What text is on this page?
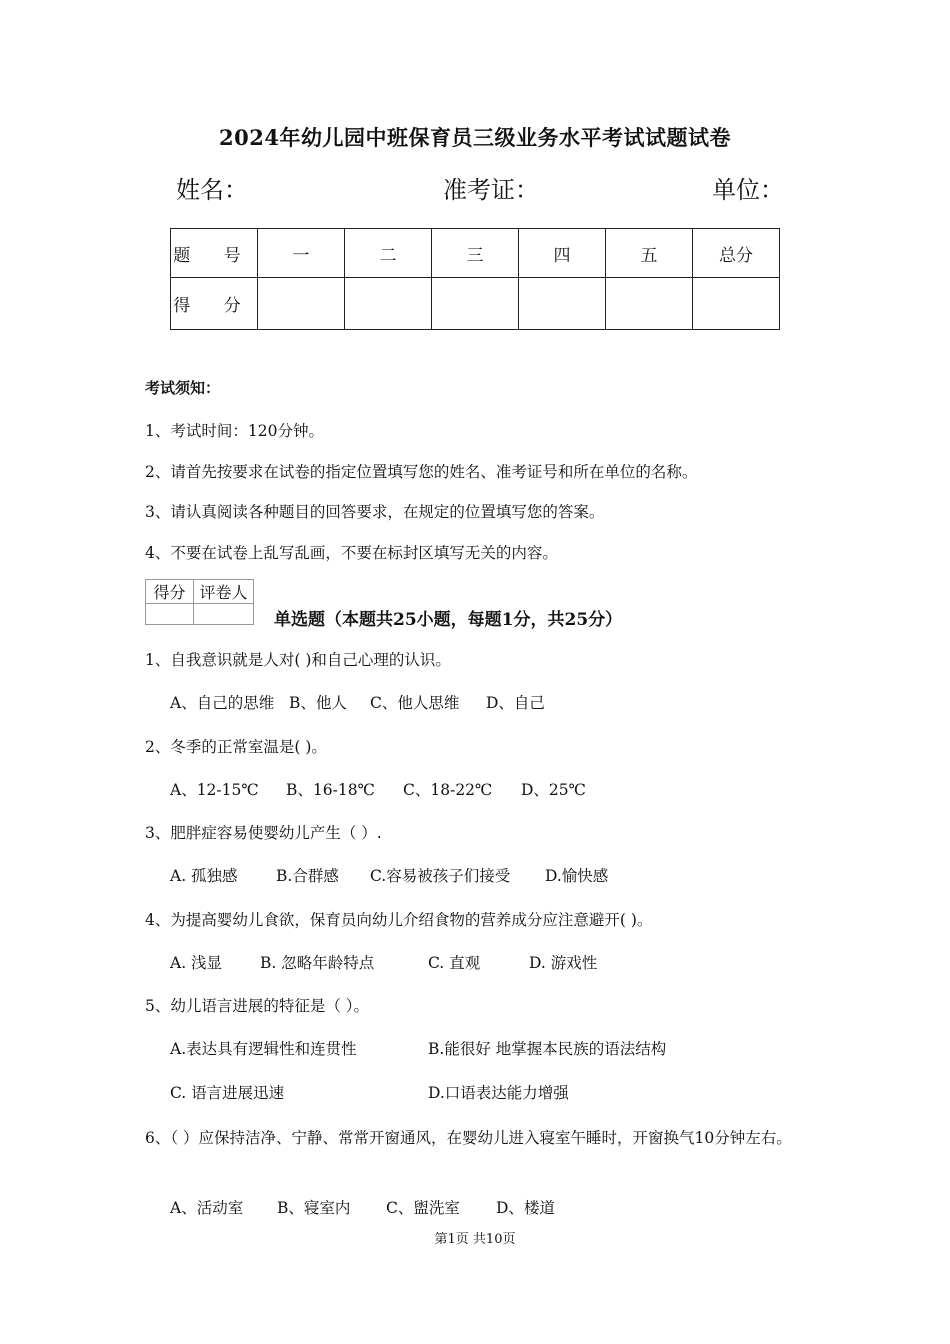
2024年幼儿园中班保育员三级业务水平考试试题试卷
姓名：	准考证：	单位：
题 号	一	二	三	四	五	总分
得 分						
考试须知：
1、考试时间：120分钟。
2、请首先按要求在试卷的指定位置填写您的姓名、准考证号和所在单位的名称。
3、请认真阅读各种题目的回答要求，在规定的位置填写您的答案。
4、不要在试卷上乱写乱画，不要在标封区填写无关的内容。
得分	评卷人

单选题（本题共25小题，每题1分，共25分）
1、自我意识就是人对( )和自己心理的认识。
A、自己的思维 B、他人 C、他人思维 D、自己
2、冬季的正常室温是( )。
A、12-15℃ B、16-18℃ C、18-22℃ D、25℃
3、肥胖症容易使婴幼儿产生（ ）.
A. 孤独感 B.合群感 C.容易被孩子们接受 D.愉快感
4、为提高婴幼儿食欲，保育员向幼儿介绍食物的营养成分应注意避开( )。
A. 浅显 B. 忽略年龄特点	C. 直观	D. 游戏性
5、幼儿语言进展的特征是（ ）。
A.表达具有逻辑性和连贯性	B.能很好 地掌握本民族的语法结构
C. 语言进展迅速	D.口语表达能力增强
6、（ ）应保持洁净、宁静、常常开窗通风，在婴幼儿进入寝室午睡时，开窗换气10分钟左右。
A、活动室 B、寝室内 C、盥洗室 D、楼道
第1页 共10页
